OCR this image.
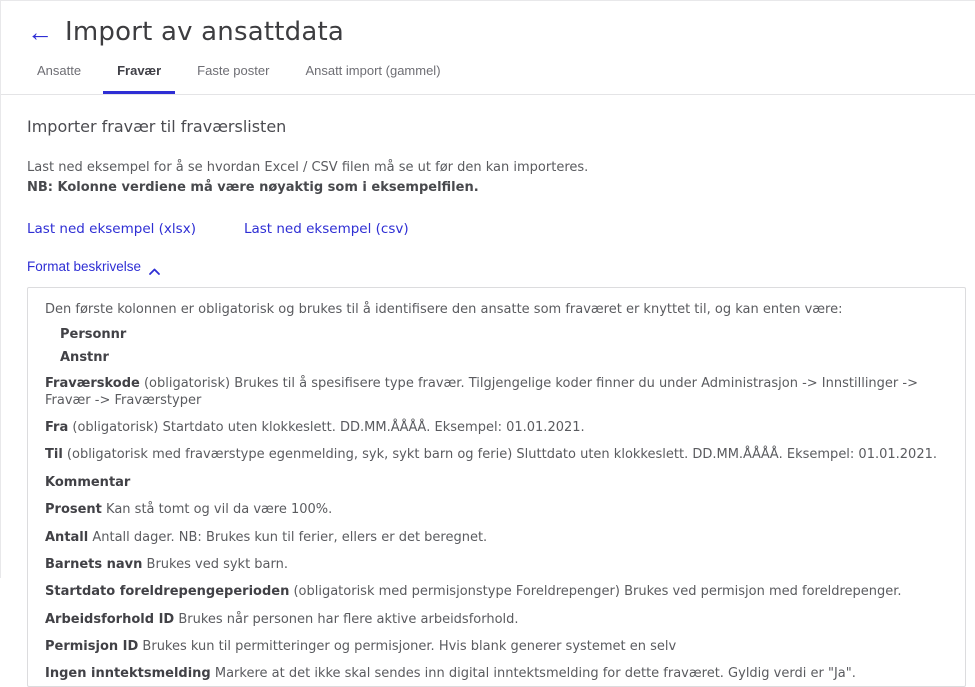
← Import av ansattdata
Ansatte	Fravær	Faste poster	Ansatt import (gammel)
Importer fravær til fraværslisten

Last ned eksempel for å se hvordan Excel / CSV filen må se ut før den kan importeres.

NB: Kolonne verdiene må være nøyaktig som i eksempelfilen.

Last ned eksempel (xlsx)	Last ned eksempel (csv)
Format beskrivelse

Den første kolonnen er obligatorisk og brukes til å identifisere den ansatte som fraværet er knyttet til, og kan enten være:

Personnr
Anstnr
Fraværskode (obligatorisk) Brukes til å spesifisere type fravær. Tilgjengelige koder finner du under Administrasjon -> Innstillinger -> Fravær -> Fraværstyper
Fra (obligatorisk) Startdato uten klokkeslett. DD.MM.ÅÅÅÅ. Eksempel: 01.01.2021.
Til (obligatorisk med fraværstype egenmelding, syk, sykt barn og ferie) Sluttdato uten klokkeslett. DD.MM.ÅÅÅÅ. Eksempel: 01.01.2021.
Kommentar
Prosent Kan stå tomt og vil da være 100%.
Antall Antall dager. NB: Brukes kun til ferier, ellers er det beregnet.
Barnets navn Brukes ved sykt barn.
Startdato foreldrepengeperioden (obligatorisk med permisjonstype Foreldrepenger) Brukes ved permisjon med foreldrepenger.
Arbeidsforhold ID Brukes når personen har flere aktive arbeidsforhold.
Permisjon ID Brukes kun til permitteringer og permisjoner. Hvis blank generer systemet en selv
Ingen inntektsmelding Markere at det ikke skal sendes inn digital inntektsmelding for dette fraværet. Gyldig verdi er "Ja".
